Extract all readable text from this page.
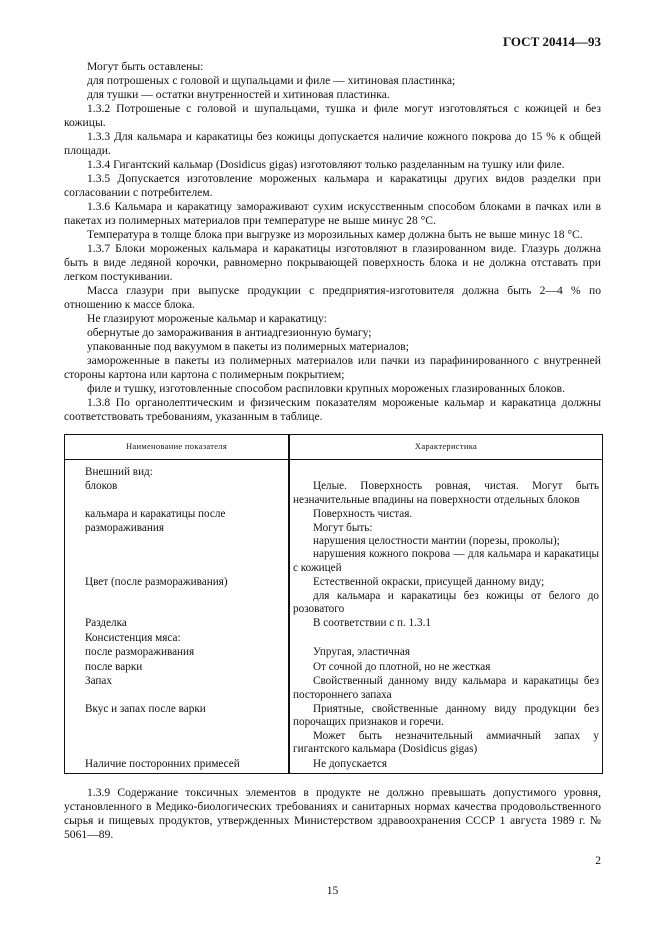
ГОСТ 20414—93

Могут быть оставлены:

для потрошеных с головой и щупальцами и филе — хитиновая пластинка;

для тушки — остатки внутренностей и хитиновая пластинка.

1.3.2 Потрошеные с головой и шупальцами, тушка и филе могут изготовляться с кожицей и без кожицы.

1.3.3 Для кальмара и каракатицы без кожицы допускается наличие кожного покрова до 15 % к общей площади.

1.3.4 Гигантский кальмар (Dosidicus gigas) изготовляют только разделанным на тушку или филе.

1.3.5 Допускается изготовление мороженых кальмара и каракатицы других видов разделки при согласовании с потребителем.

1.3.6 Кальмара и каракатицу замораживают сухим искусственным способом блоками в пачках или в пакетах из полимерных материалов при температуре не выше минус 28 °С.

Температура в толще блока при выгрузке из морозильных камер должна быть не выше минус 18 °С.

1.3.7 Блоки мороженых кальмара и каракатицы изготовляют в глазированном виде. Глазурь должна быть в виде ледяной корочки, равномерно покрывающей поверхность блока и не должна отставать при легком постукивании.

Масса глазури при выпуске продукции с предприятия-изготовителя должна быть 2—4 % по отношению к массе блока.

Не глазируют мороженые кальмар и каракатицу:

обернутые до замораживания в антиадгезионную бумагу;

упакованные под вакуумом в пакеты из полимерных материалов;

замороженные в пакеты из полимерных материалов или пачки из парафинированного с внутренней стороны картона или картона с полимерным покрытием;

филе и тушку, изготовленные способом распиловки крупных мороженых глазированных блоков.

1.3.8 По органолептическим и физическим показателям мороженые кальмар и каракатица должны соответствовать требованиям, указанным в таблице.

Наименование показателя	Характеристика

Внешний вид:	

блоков	Целые. Поверхность ровная, чистая. Могут быть незначительные впадины на поверхности отдельных блоков

кальмара и каракатицы после размораживания	Поверхность чистая.
Могут быть:
нарушения целостности мантии (порезы, проколы);
нарушения кожного покрова — для кальмара и каракатицы с кожицей

Цвет (после размораживания)	Естественной окраски, присущей данному виду;
для кальмара и каракатицы без кожицы от белого до розоватого

Разделка	В соответствии с п. 1.3.1

Консистенция мяса:	

после размораживания	Упругая, эластичная

после варки	От сочной до плотной, но не жесткая

Запах	Свойственный данному виду кальмара и каракатицы без постороннего запаха

Вкус и запах после варки	Приятные, свойственные данному виду продукции без порочащих признаков и горечи.
Может быть незначительный аммиачный запах у гигантского кальмара (Dosidicus gigas)

Наличие посторонних примесей	Не допускается

1.3.9 Содержание токсичных элементов в продукте не должно превышать допустимого уровня, установленного в Медико-биологических требованиях и санитарных нормах качества продовольственного сырья и пищевых продуктов, утвержденных Министерством здравоохранения СССР 1 августа 1989 г. № 5061—89.

2
15
